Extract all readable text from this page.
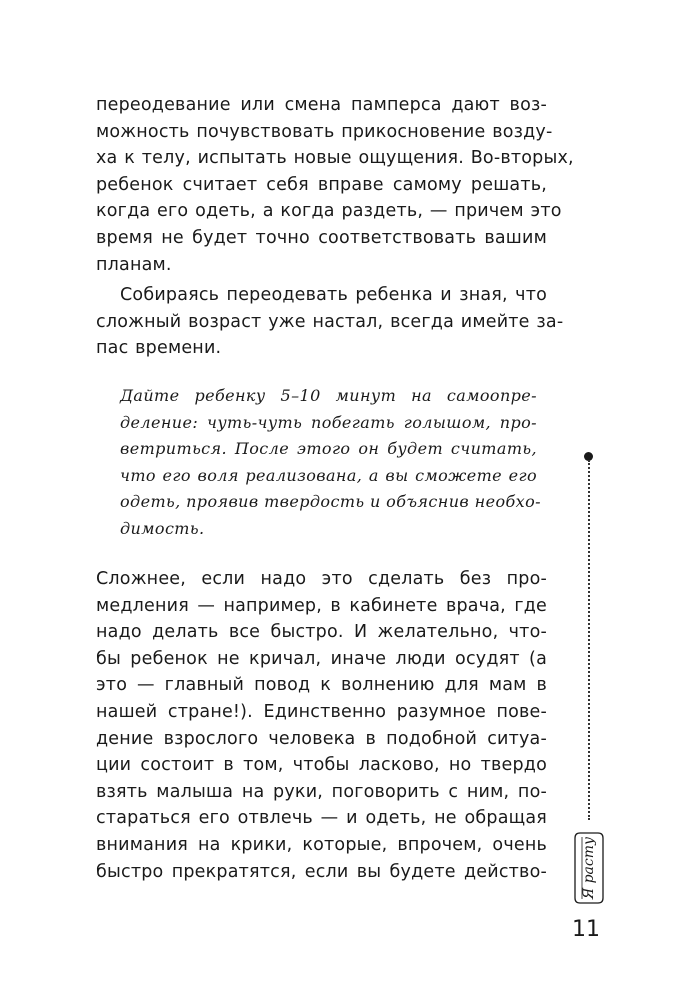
переодевание или смена памперса дают воз-
можность почувствовать прикосновение возду-
ха к телу, испытать новые ощущения. Во-вторых,
ребенок считает себя вправе самому решать,
когда его одеть, а когда раздеть, — причем это
время не будет точно соответствовать вашим
планам.
Собираясь переодевать ребенка и зная, что
сложный возраст уже настал, всегда имейте за-
пас времени.
Дайте ребенку 5–10 минут на самоопре-
деление: чуть-чуть побегать голышом, про-
ветриться. После этого он будет считать,
что его воля реализована, а вы сможете его
одеть, проявив твердость и объяснив необхо-
димость.
Сложнее, если надо это сделать без про-
медления — например, в кабинете врача, где
надо делать все быстро. И желательно, что-
бы ребенок не кричал, иначе люди осудят (а
это — главный повод к волнению для мам в
нашей стране!). Единственно разумное пове-
дение взрослого человека в подобной ситуа-
ции состоит в том, чтобы ласково, но твердо
взять малыша на руки, поговорить с ним, по-
стараться его отвлечь — и одеть, не обращая
внимания на крики, которые, впрочем, очень
быстро прекратятся, если вы будете действо- Я расту
11
